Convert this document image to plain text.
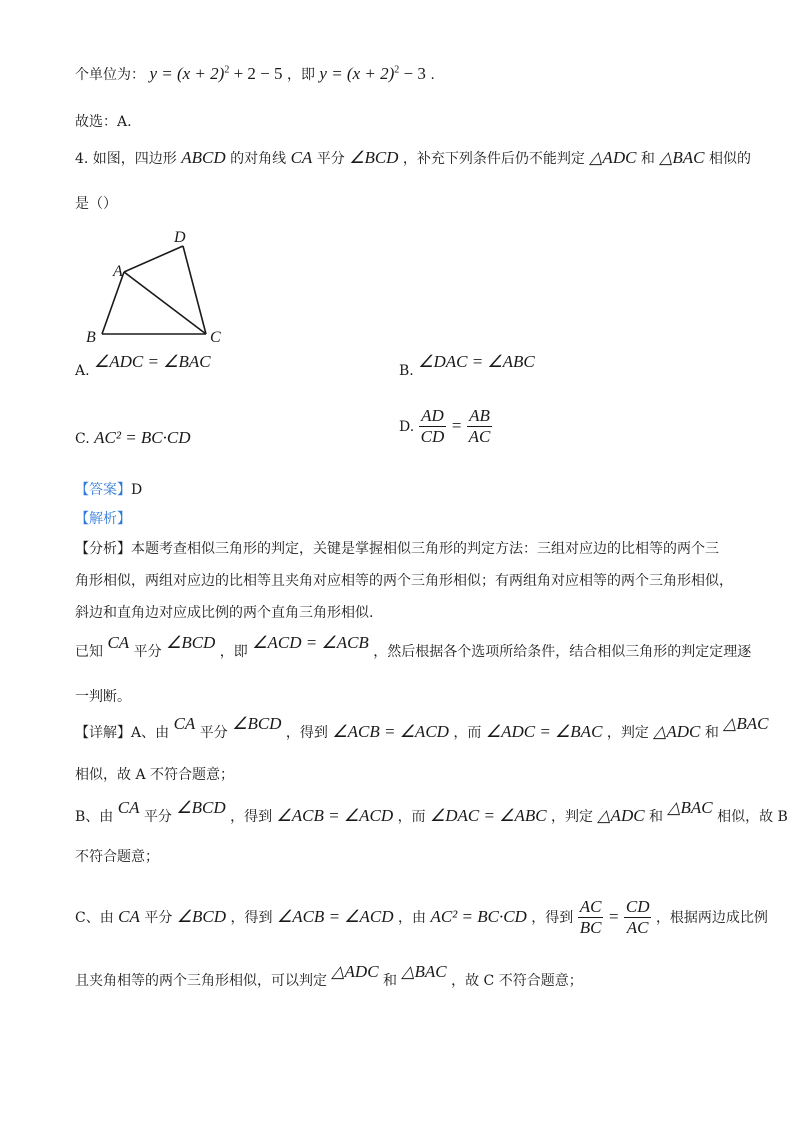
个单位为： $y = (x + 2)^2 + 2 - 5$ ，即 $y = (x + 2)^2 - 3$ .
故选：A.
4. 如图，四边形 ABCD 的对角线 CA 平分 ∠BCD ，补充下列条件后仍不能判定 △ADC 和 △BAC 相似的
是（）
D
A
B	C
A. ∠ADC = ∠BAC	B. ∠DAC = ∠ABC
C. AC² = BC·CD
D. $\frac{AD}{CD} = \frac{AB}{AC}$
【答案】D
【解析】
【分析】本题考查相似三角形的判定，关键是掌握相似三角形的判定方法：三组对应边的比相等的两个三
角形相似，两组对应边的比相等且夹角对应相等的两个三角形相似；有两组角对应相等的两个三角形相似，
斜边和直角边对应成比例的两个直角三角形相似.
已知 CA 平分 ∠BCD ，即 ∠ACD = ∠ACB ，然后根据各个选项所给条件，结合相似三角形的判定定理逐
一判断。
【详解】A、由 CA 平分 ∠BCD ，得到 ∠ACB = ∠ACD ，而 ∠ADC = ∠BAC ，判定 △ADC 和 △BAC
相似，故 A 不符合题意；
B、由 CA 平分 ∠BCD ，得到 ∠ACB = ∠ACD ，而 ∠DAC = ∠ABC ，判定 △ADC 和 △BAC 相似，故 B
不符合题意；
C、由 CA 平分 ∠BCD ，得到 ∠ACB = ∠ACD ，由 AC² = BC·CD ，得到 $\frac{AC}{BC} = \frac{CD}{AC}$ ，根据两边成比例
且夹角相等的两个三角形相似，可以判定 △ADC 和 △BAC ，故 C 不符合题意；
